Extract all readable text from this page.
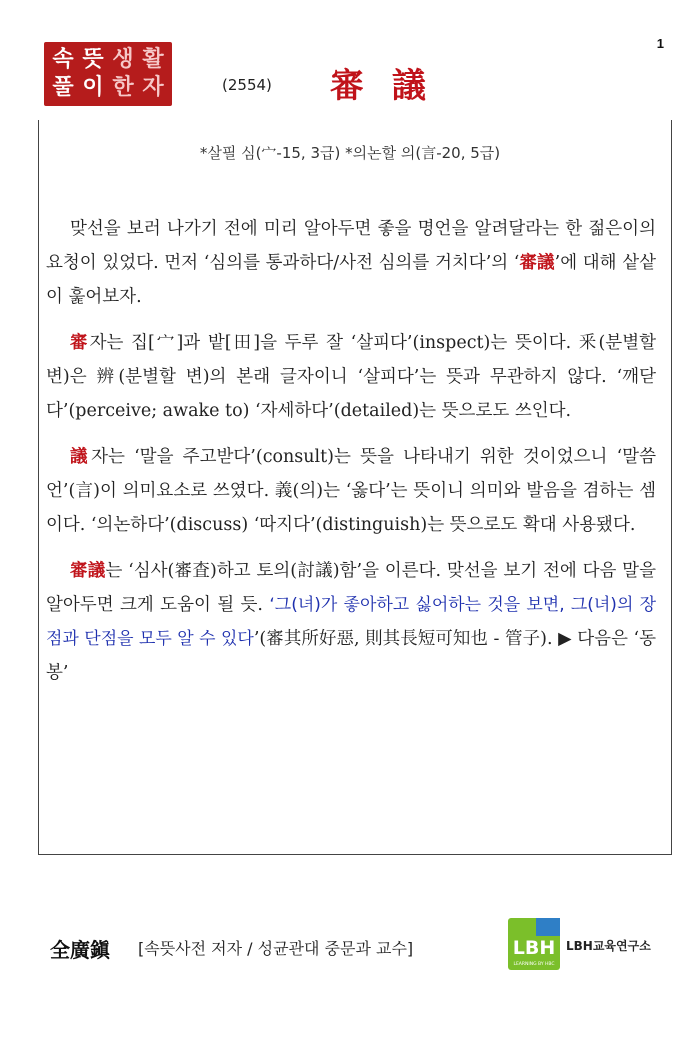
1
속 뜻 생 활
풀 이 한 자	(2554) 審 議
*살필 심(宀-15, 3급) *의논할 의(言-20, 5급)

맞선을 보러 나가기 전에 미리 알아두면 좋을 명언을 알려달라는 한 젊은이의 요청이 있었다. 먼저 ‘심의를 통과하다/사전 심의를 거치다’의 ‘審議’에 대해 샅샅이 훑어보자.

審자는 집[宀]과 밭[田]을 두루 잘 ‘살피다’(inspect)는 뜻이다. 釆(분별할 변)은 辨(분별할 변)의 본래 글자이니 ‘살피다’는 뜻과 무관하지 않다. ‘깨닫다’(perceive; awake to) ‘자세하다’(detailed)는 뜻으로도 쓰인다.

議자는 ‘말을 주고받다’(consult)는 뜻을 나타내기 위한 것이었으니 ‘말씀 언’(言)이 의미요소로 쓰였다. 義(의)는 ‘옳다’는 뜻이니 의미와 발음을 겸하는 셈이다. ‘의논하다’(discuss) ‘따지다’(distinguish)는 뜻으로도 확대 사용됐다.

審議는 ‘심사(審査)하고 토의(討議)함’을 이른다. 맞선을 보기 전에 다음 말을 알아두면 크게 도움이 될 듯. ‘그(녀)가 좋아하고 싫어하는 것을 보면, 그(녀)의 장점과 단점을 모두 알 수 있다’(審其所好惡, 則其長短可知也 - 管子). ▶ 다음은 ‘동봉’

全廣鎭 [속뜻사전 저자 / 성균관대 중문과 교수]	LBH
LEARNING BY HBC
LBH교육연구소
